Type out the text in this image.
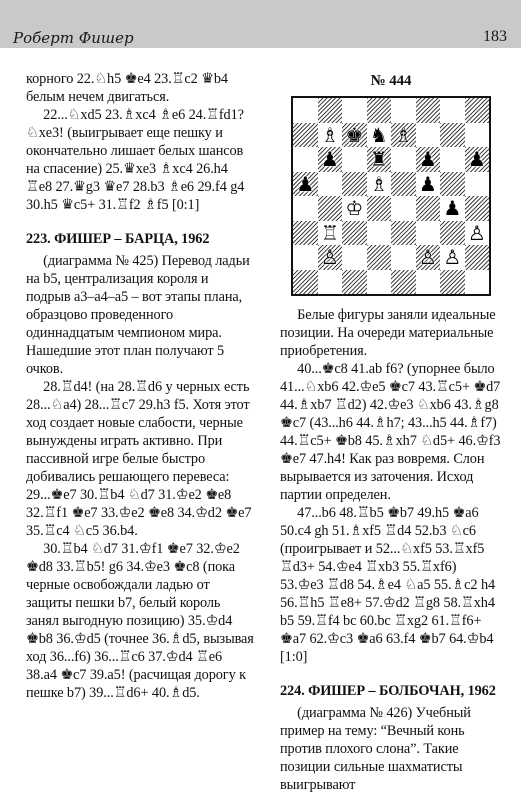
Роберт Фишер	183

корного 22.♘h5 ♚e4 23.♖c2 ♛b4 белым нечем двигаться.

22...♘xd5 23.♗xc4 ♗e6 24.♖fd1? ♘xe3! (выигрывает еще пешку и окончательно лишает белых шансов на спасение) 25.♛xe3 ♗xc4 26.h4 ♖e8 27.♛g3 ♛e7 28.b3 ♗e6 29.f4 g4 30.h5 ♛c5+ 31.♖f2 ♗f5 [0:1]

223. ФИШЕР – БАРЦА, 1962

(диаграмма № 425) Перевод ладьи на b5, централизация короля и подрыв a3–a4–a5 – вот этапы плана, образцово проведенного одиннадцатым чемпионом мира. Нашедшие этот план получают 5 очков.

28.♖d4! (на 28.♖d6 у черных есть 28...♘a4) 28...♖c7 29.h3 f5. Хотя этот ход создает новые слабости, черные вынуждены играть активно. При пассивной игре белые быстро добивались решающего перевеса: 29...♚e7 30.♖b4 ♘d7 31.♔e2 ♚e8 32.♖f1 ♚e7 33.♔e2 ♚e8 34.♔d2 ♚e7 35.♖c4 ♘c5 36.b4.

30.♖b4 ♘d7 31.♔f1 ♚e7 32.♔e2 ♚d8 33.♖b5! g6 34.♔e3 ♚c8 (пока черные освобождали ладью от защиты пешки b7, белый король занял выгодную позицию) 35.♔d4 ♚b8 36.♔d5 (точнее 36.♗d5, вызывая ход 36...f6) 36...♖c6 37.♔d4 ♖e6 38.a4 ♚c7 39.a5! (расчищая дорогу к пешке b7) 39...♖d6+ 40.♗d5.

№ 444

♗ ♚ ♞ ♗
♟ ♜ ♟ ♟
♟	♗ ♟
♔	♟
♖	♙
♙	♙ ♙

Белые фигуры заняли идеальные позиции. На очереди материальные приобретения.

40...♚c8 41.ab f6? (упорнее было 41...♘xb6 42.♔e5 ♚c7 43.♖c5+ ♚d7 44.♗xb7 ♖d2) 42.♔e3 ♘xb6 43.♗g8 ♚c7 (43...h6 44.♗h7; 43...h5 44.♗f7) 44.♖c5+ ♚b8 45.♗xh7 ♘d5+ 46.♔f3 ♚e7 47.h4! Как раз вовремя. Слон вырывается из заточения. Исход партии определен.

47...b6 48.♖b5 ♚b7 49.h5 ♚a6 50.c4 gh 51.♗xf5 ♖d4 52.b3 ♘c6 (проигрывает и 52...♘xf5 53.♖xf5 ♖d3+ 54.♔e4 ♖xb3 55.♖xf6) 53.♔e3 ♖d8 54.♗e4 ♘a5 55.♗c2 h4 56.♖h5 ♖e8+ 57.♔d2 ♖g8 58.♖xh4 b5 59.♖f4 bc 60.bc ♖xg2 61.♖f6+ ♚a7 62.♔c3 ♚a6 63.f4 ♚b7 64.♔b4 [1:0]

224. ФИШЕР – БОЛБОЧАН, 1962

(диаграмма № 426) Учебный пример на тему: “Вечный конь против плохого слона”. Такие позиции сильные шахматисты выигрывают
